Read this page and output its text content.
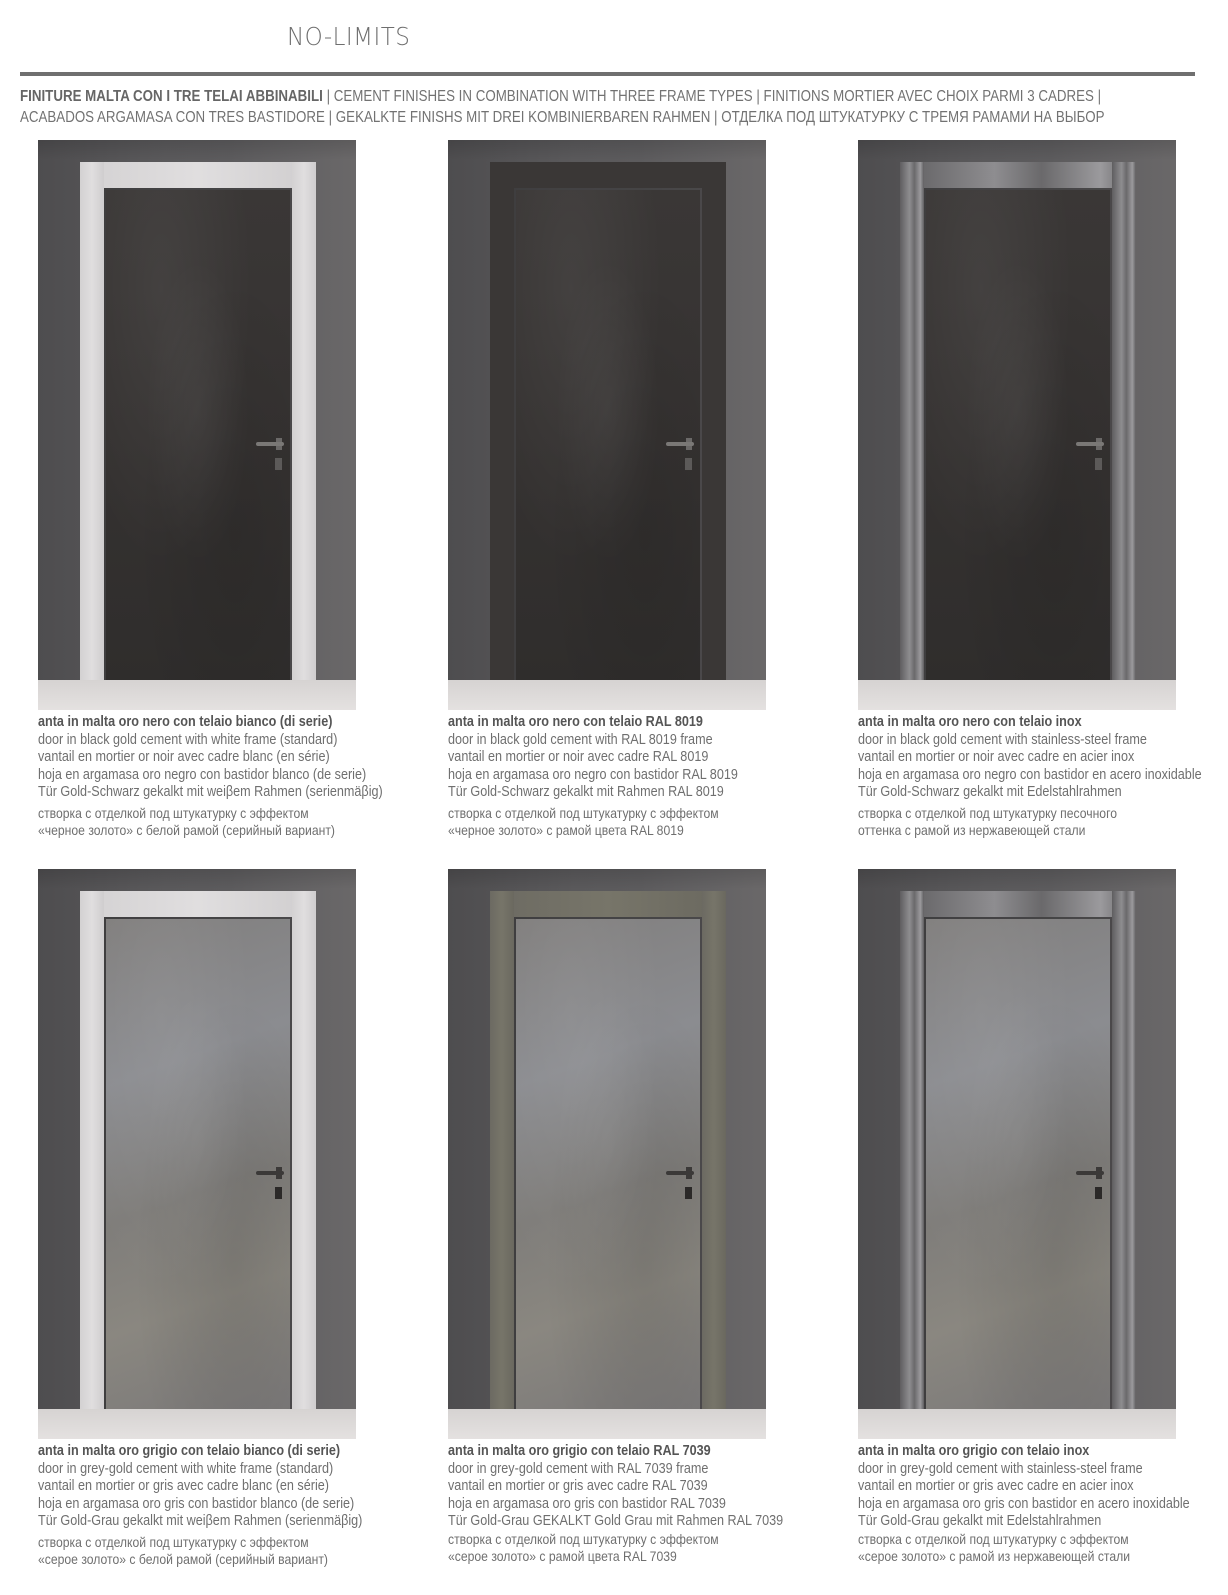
NO-LIMITS
FINITURE MALTA CON I TRE TELAI ABBINABILI | CEMENT FINISHES IN COMBINATION WITH THREE FRAME TYPES | FINITIONS MORTIER AVEC CHOIX PARMI 3 CADRES |
ACABADOS ARGAMASA CON TRES BASTIDORE | GEKALKTE FINISHS MIT DREI KOMBINIERBAREN RAHMEN | ОТДЕЛКА ПОД ШТУКАТУРКУ С ТРЕМЯ РАМАМИ НА ВЫБОР
anta in malta oro nero con telaio bianco (di serie)
door in black gold cement with white frame (standard)
vantail en mortier or noir avec cadre blanc (en série)
hoja en argamasa oro negro con bastidor blanco (de serie)
Tür Gold-Schwarz gekalkt mit weiβem Rahmen (serienmäβig)
створка с отделкой под штукатурку с эффектом
«черное золото» с белой рамой (серийный вариант)
anta in malta oro nero con telaio RAL 8019
door in black gold cement with RAL 8019 frame
vantail en mortier or noir avec cadre RAL 8019
hoja en argamasa oro negro con bastidor RAL 8019
Tür Gold-Schwarz gekalkt mit Rahmen RAL 8019
створка с отделкой под штукатурку с эффектом
«черное золото» с рамой цвета RAL 8019
anta in malta oro nero con telaio inox
door in black gold cement with stainless-steel frame
vantail en mortier or noir avec cadre en acier inox
hoja en argamasa oro negro con bastidor en acero inoxidable
Tür Gold-Schwarz gekalkt mit Edelstahlrahmen
створка с отделкой под штукатурку песочного
оттенка с рамой из нержавеющей стали
anta in malta oro grigio con telaio bianco (di serie)
door in grey-gold cement with white frame (standard)
vantail en mortier or gris avec cadre blanc (en série)
hoja en argamasa oro gris con bastidor blanco (de serie)
Tür Gold-Grau gekalkt mit weiβem Rahmen (serienmäβig)
створка с отделкой под штукатурку с эффектом
«серое золото» с белой рамой (серийный вариант)
anta in malta oro grigio con telaio RAL 7039
door in grey-gold cement with RAL 7039 frame
vantail en mortier or gris avec cadre RAL 7039
hoja en argamasa oro gris con bastidor RAL 7039
Tür Gold-Grau GEKALKT Gold Grau mit Rahmen RAL 7039
створка с отделкой под штукатурку с эффектом
«серое золото» с рамой цвета RAL 7039
anta in malta oro grigio con telaio inox
door in grey-gold cement with stainless-steel frame
vantail en mortier or gris avec cadre en acier inox
hoja en argamasa oro gris con bastidor en acero inoxidable
Tür Gold-Grau gekalkt mit Edelstahlrahmen
створка с отделкой под штукатурку с эффектом
«серое золото» с рамой из нержавеющей стали
